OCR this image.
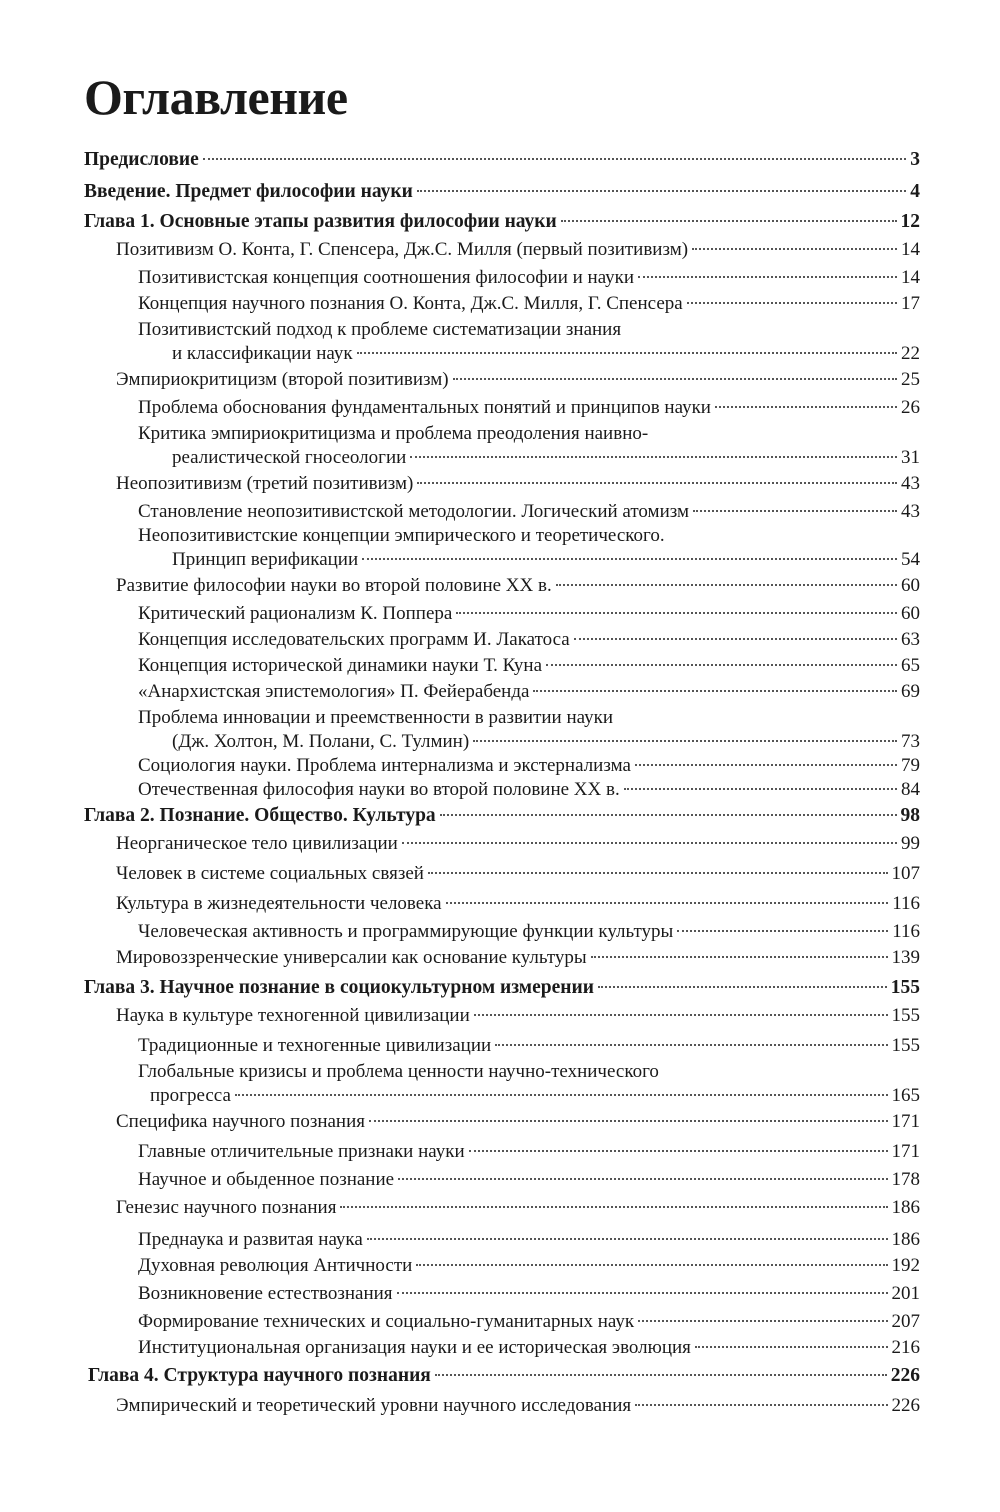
Оглавление
Предисловие	3
Введение. Предмет философии науки	4
Глава 1. Основные этапы развития философии науки	12
Позитивизм О. Конта, Г. Спенсера, Дж.С. Милля (первый позитивизм)	14
Позитивистская концепция соотношения философии и науки	14
Концепция научного познания О. Конта, Дж.С. Милля, Г. Спенсера	17
Позитивистский подход к проблеме систематизации знания
и классификации наук	22
Эмпириокритицизм (второй позитивизм)	25
Проблема обоснования фундаментальных понятий и принципов науки	26
Критика эмпириокритицизма и проблема преодоления наивно-
реалистической гносеологии	31
Неопозитивизм (третий позитивизм)	43
Становление неопозитивистской методологии. Логический атомизм	43
Неопозитивистские концепции эмпирического и теоретического.
Принцип верификации	54
Развитие философии науки во второй половине XX в.	60
Критический рационализм К. Поппера	60
Концепция исследовательских программ И. Лакатоса	63
Концепция исторической динамики науки Т. Куна	65
«Анархистская эпистемология» П. Фейерабенда	69
Проблема инновации и преемственности в развитии науки
(Дж. Холтон, М. Полани, С. Тулмин)	73
Социология науки. Проблема интернализма и экстернализма	79
Отечественная философия науки во второй половине XX в.	84
Глава 2. Познание. Общество. Культура	98
Неорганическое тело цивилизации	99
Человек в системе социальных связей	107
Культура в жизнедеятельности человека	116
Человеческая активность и программирующие функции культуры	116
Мировоззренческие универсалии как основание культуры	139
Глава 3. Научное познание в социокультурном измерении	155
Наука в культуре техногенной цивилизации	155
Традиционные и техногенные цивилизации	155
Глобальные кризисы и проблема ценности научно-технического
прогресса	165
Специфика научного познания	171
Главные отличительные признаки науки	171
Научное и обыденное познание	178
Генезис научного познания	186
Преднаука и развитая наука	186
Духовная революция Античности	192
Возникновение естествознания	201
Формирование технических и социально-гуманитарных наук	207
Институциональная организация науки и ее историческая эволюция	216
Глава 4. Структура научного познания	226
Эмпирический и теоретический уровни научного исследования	226
